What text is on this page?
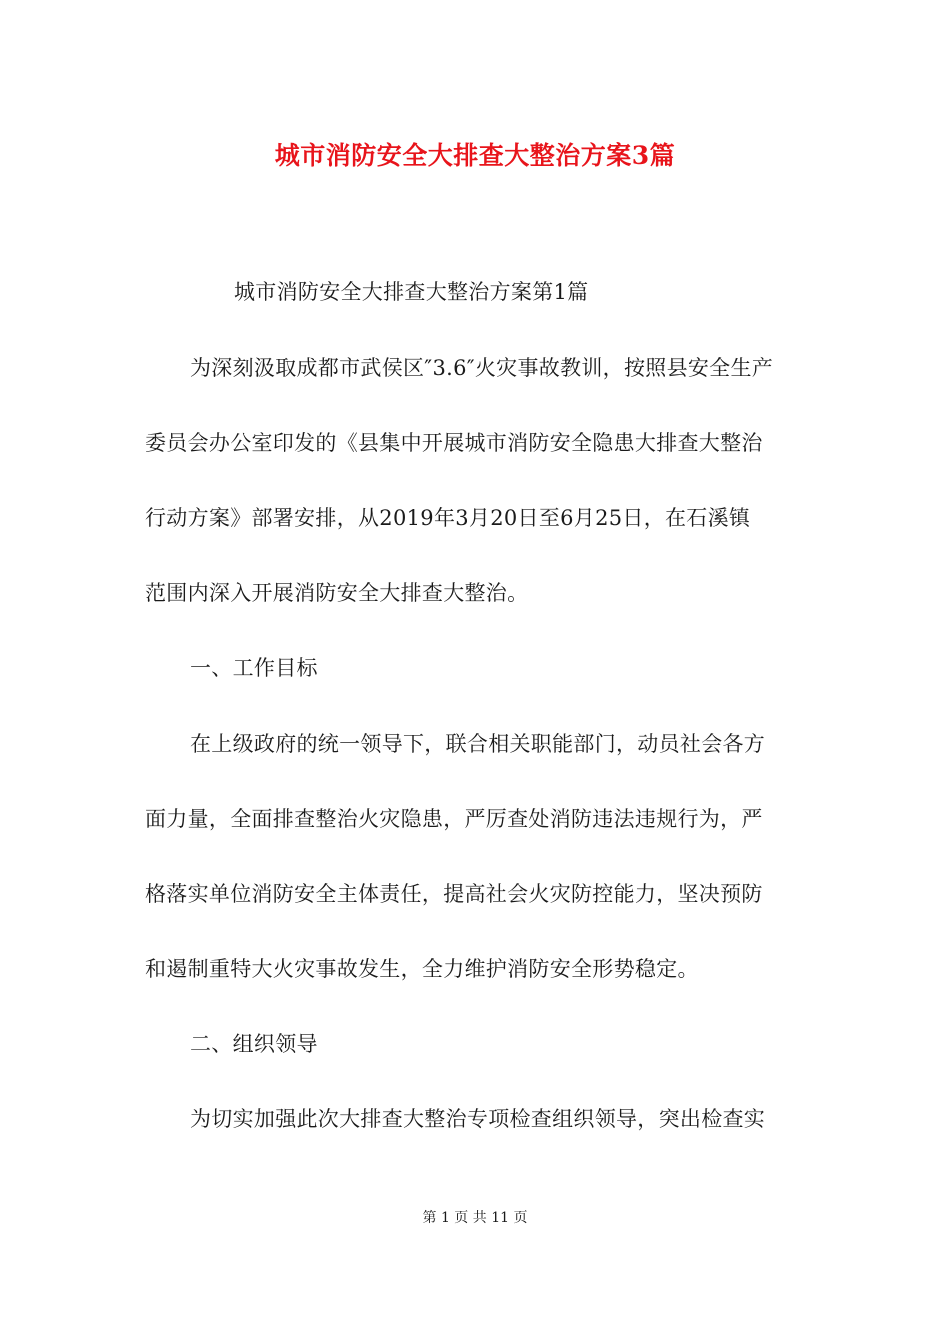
城市消防安全大排查大整治方案3篇
城市消防安全大排查大整治方案第1篇
为深刻汲取成都市武侯区″3.6″火灾事故教训，按照县安全生产
委员会办公室印发的《县集中开展城市消防安全隐患大排查大整治
行动方案》部署安排，从2019年3月20日至6月25日，在石溪镇
范围内深入开展消防安全大排查大整治。
一、工作目标
在上级政府的统一领导下，联合相关职能部门，动员社会各方
面力量，全面排查整治火灾隐患，严厉查处消防违法违规行为，严
格落实单位消防安全主体责任，提高社会火灾防控能力，坚决预防
和遏制重特大火灾事故发生，全力维护消防安全形势稳定。
二、组织领导
为切实加强此次大排查大整治专项检查组织领导，突出检查实
第 1 页 共 11 页
